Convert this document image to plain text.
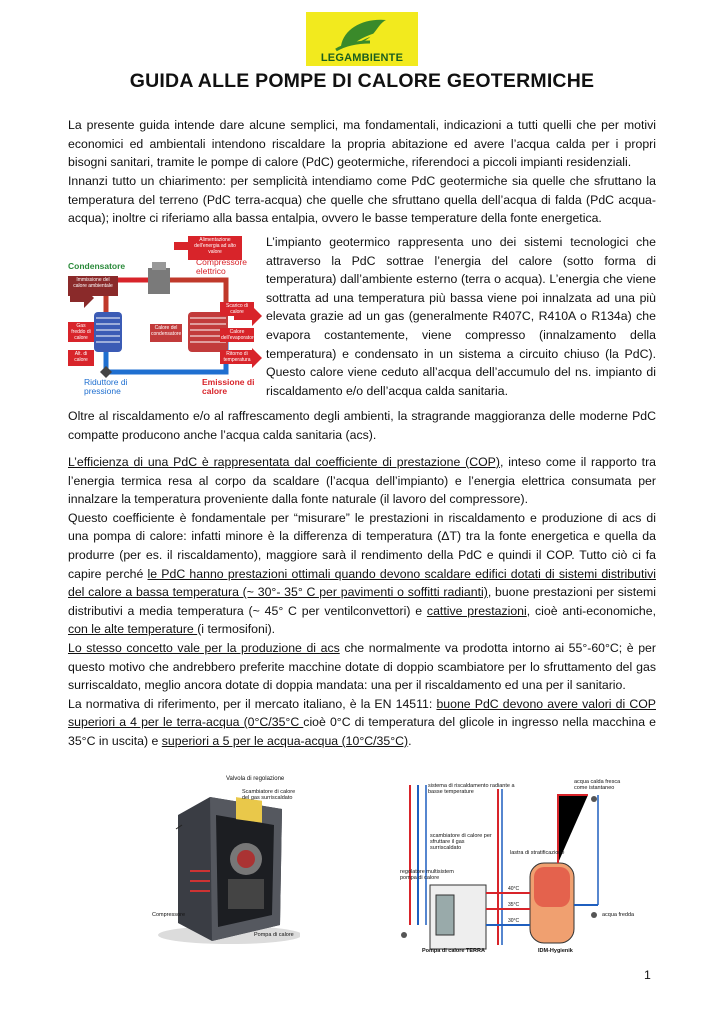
LEGAMBIENTE
GUIDA ALLE POMPE DI CALORE GEOTERMICHE

La presente guida intende dare alcune semplici, ma fondamentali, indicazioni a tutti quelli che per motivi economici ed ambientali intendono riscaldare la propria abitazione ed avere l’acqua calda per i propri bisogni sanitari, tramite le pompe di calore (PdC) geotermiche, riferendoci a piccoli impianti residenziali.

Innanzi tutto un chiarimento: per semplicità intendiamo come PdC geotermiche sia quelle che sfruttano la temperatura del terreno (PdC terra-acqua) che quelle che sfruttano quella dell’acqua di falda (PdC acqua-acqua); inoltre ci riferiamo alla bassa entalpia, ovvero le basse temperature della fonte energetica.

Alimentazione dell'energia ad alto valore
Condensatore	Compressore elettrico
Immissione del calore ambientale
Gas freddo di calore
Calore del condensatore
Scarico di calore
Alt. di calore
Calore dell'evaporatore
Ritorno di temperatura
Riduttore di pressione
Emissione di calore

L’impianto geotermico rappresenta uno dei sistemi tecnologici che attraverso la PdC sottrae l’energia del calore (sotto forma di temperatura) dall’ambiente esterno (terra o acqua). L’energia che viene sottratta ad una temperatura più bassa viene poi innalzata ad una più elevata grazie ad un gas (generalmente R407C, R410A o R134a) che evapora costantemente, viene compresso (innalzamento della temperatura) e condensato in un sistema a circuito chiuso (la PdC). Questo calore viene ceduto all’acqua dell’accumulo del ns. impianto di riscaldamento e/o dell’acqua calda sanitaria.

Oltre al riscaldamento e/o al raffrescamento degli ambienti, la stragrande maggioranza delle moderne PdC compatte producono anche l’acqua calda sanitaria (acs).

L’efficienza di una PdC è rappresentata dal coefficiente di prestazione (COP), inteso come il rapporto tra l’energia termica resa al corpo da scaldare (l’acqua dell’impianto) e l’energia elettrica consumata per innalzare la temperatura proveniente dalla fonte naturale (il lavoro del compressore).
Questo coefficiente è fondamentale per “misurare” le prestazioni in riscaldamento e produzione di acs di una pompa di calore: infatti minore è la differenza di temperatura (ΔT) tra la fonte energetica e quella da produrre (per es. il riscaldamento), maggiore sarà il rendimento della PdC e quindi il COP. Tutto ciò ci fa capire perché le PdC hanno prestazioni ottimali quando devono scaldare edifici dotati di sistemi distributivi del calore a bassa temperatura (~ 30°- 35° C per pavimenti o soffitti radianti), buone prestazioni per sistemi distributivi a media temperatura (~ 45° C per ventilconvettori) e cattive prestazioni, cioè anti-economiche, con le alte temperature (i termosifoni).
Lo stesso concetto vale per la produzione di acs che normalmente va prodotta intorno ai 55°-60°C; è per questo motivo che andrebbero preferite macchine dotate di doppio scambiatore per lo sfruttamento del gas surriscaldato, meglio ancora dotate di doppia mandata: una per il riscaldamento ed una per il sanitario.
La normativa di riferimento, per il mercato italiano, è la EN 14511: buone PdC devono avere valori di COP superiori a 4 per le terra-acqua (0°C/35°C cioè 0°C di temperatura del glicole in ingresso nella macchina e 35°C in uscita) e superiori a 5 per le acqua-acqua (10°C/35°C).

Valvola di regolazione
Scambiatore di calore del gas surriscaldato
Compressore
Pompa di calore
sistema di riscaldamento radiante a basse temperature
acqua calda fresca come istantaneo
scambiatore di calore per sfruttare il gas surriscaldato
lastra di stratificazione
regolatore multisistem pompa di calore
40°C
35°C
30°C
acqua fredda
Pompa di calore TERRA	IDM-Hygienik
1
